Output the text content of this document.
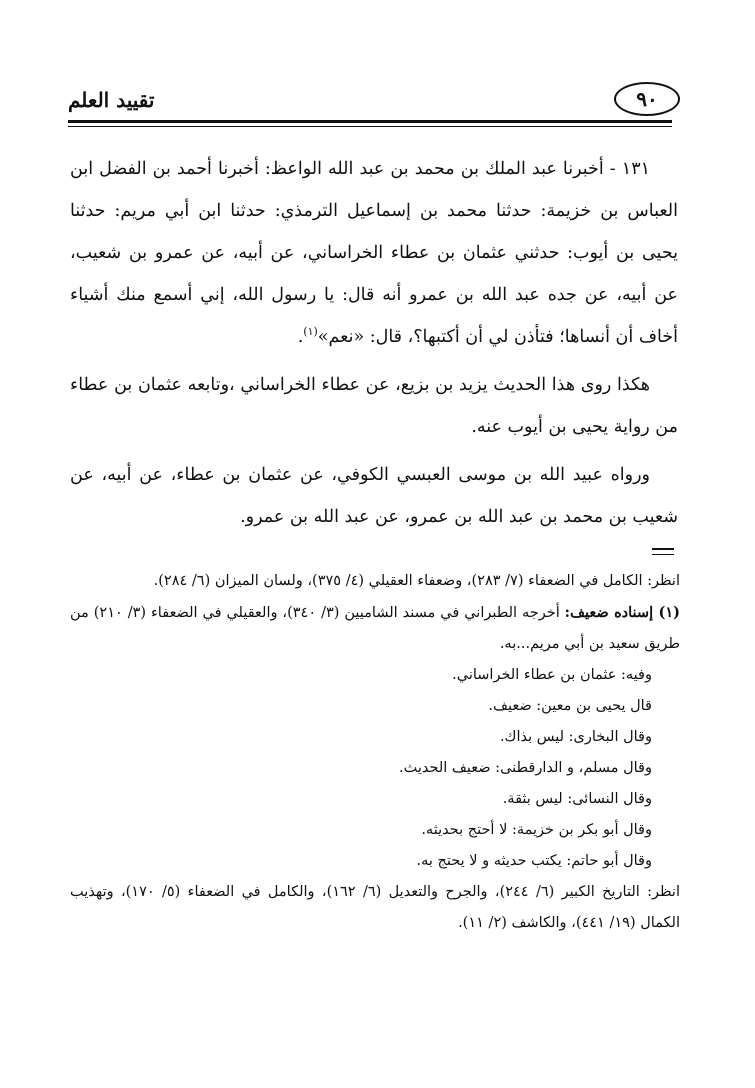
٩٠
تقييد العلم

١٣١ - أخبرنا عبد الملك بن محمد بن عبد الله الواعظ: أخبرنا أحمد بن الفضل ابن العباس بن خزيمة: حدثنا محمد بن إسماعيل الترمذي: حدثنا ابن أبي مريم: حدثنا يحيى بن أيوب: حدثني عثمان بن عطاء الخراساني، عن أبيه، عن عمرو بن شعيب، عن أبيه، عن جده عبد الله بن عمرو أنه قال: يا رسول الله، إني أسمع منك أشياء أخاف أن أنساها؛ فتأذن لي أن أكتبها؟، قال: «نعم»$^{(١)}$.

هكذا روى هذا الحديث يزيد بن بزيع، عن عطاء الخراساني ،وتابعه عثمان بن عطاء من رواية يحيى بن أيوب عنه.

ورواه عبيد الله بن موسى العبسي الكوفي، عن عثمان بن عطاء، عن أبيه، عن شعيب بن محمد بن عبد الله بن عمرو، عن عبد الله بن عمرو.

انظر: الكامل في الضعفاء (٧/ ٢٨٣)، وضعفاء العقيلي (٤/ ٣٧٥)، ولسان الميزان (٦/ ٢٨٤).

(١) إسناده ضعيف: أخرجه الطبراني في مسند الشاميين (٣/ ٣٤٠)، والعقيلي في الضعفاء (٣/ ٢١٠) من طريق سعيد بن أبي مريم...به.

وفيه: عثمان بن عطاء الخراساني.

قال يحيى بن معين: ضعيف.

وقال البخارى: ليس بذاك.

وقال مسلم، و الدارقطنى: ضعيف الحديث.

وقال النسائى: ليس بثقة.

وقال أبو بكر بن خزيمة: لا أحتج بحديثه.

وقال أبو حاتم: يكتب حديثه و لا يحتج به.

انظر: التاريخ الكبير (٦/ ٢٤٤)، والجرح والتعديل (٦/ ١٦٢)، والكامل في الضعفاء (٥/ ١٧٠)، وتهذيب الكمال (١٩/ ٤٤١)، والكاشف (٢/ ١١).
